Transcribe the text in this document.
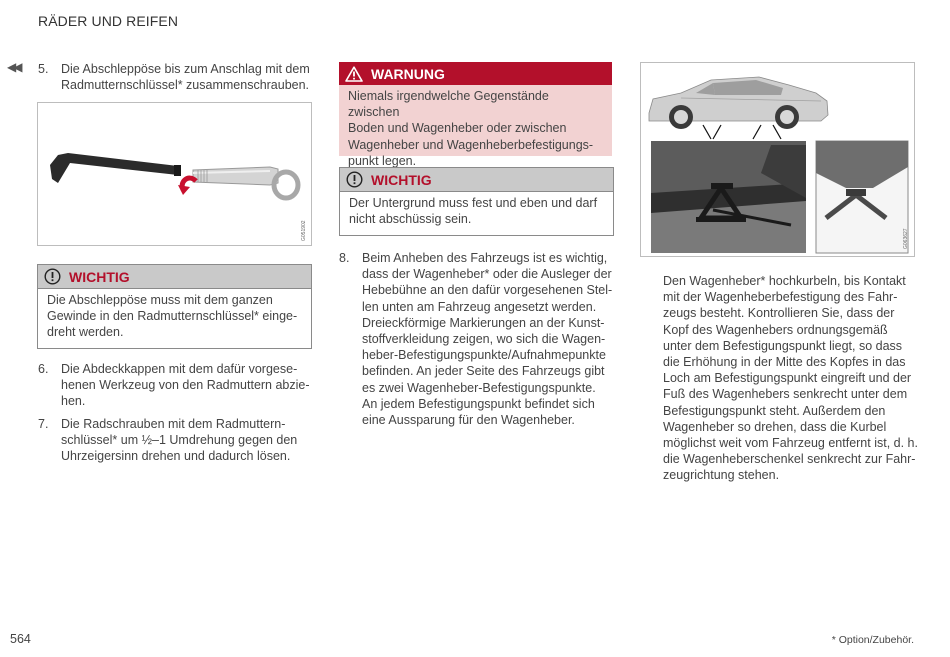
RÄDER UND REIFEN
◀◀ 5. Die Abschleppöse bis zum Anschlag mit dem
Radmutternschlüssel* zusammenschrauben.
G051902
WICHTIG
Die Abschleppöse muss mit dem ganzen
Gewinde in den Radmutternschlüssel* einge-
dreht werden.
6. Die Abdeckkappen mit dem dafür vorgese-
henen Werkzeug von den Radmuttern abzie-
hen.
7. Die Radschrauben mit dem Radmuttern-
schlüssel* um ½–1 Umdrehung gegen den
Uhrzeigersinn drehen und dadurch lösen.
WARNUNG
Niemals irgendwelche Gegenstände zwischen
Boden und Wagenheber oder zwischen
Wagenheber und Wagenheberbefestigungs-
punkt legen.
WICHTIG
Der Untergrund muss fest und eben und darf
nicht abschüssig sein.
8. Beim Anheben des Fahrzeugs ist es wichtig,
dass der Wagenheber* oder die Ausleger der
Hebebühne an den dafür vorgesehenen Stel-
len unten am Fahrzeug angesetzt werden.
Dreieckförmige Markierungen an der Kunst-
stoffverkleidung zeigen, wo sich die Wagen-
heber-Befestigungspunkte/Aufnahmepunkte
befinden. An jeder Seite des Fahrzeugs gibt
es zwei Wagenheber-Befestigungspunkte.
An jedem Befestigungspunkt befindet sich
eine Aussparung für den Wagenheber.
G063627
Den Wagenheber* hochkurbeln, bis Kontakt
mit der Wagenheberbefestigung des Fahr-
zeugs besteht. Kontrollieren Sie, dass der
Kopf des Wagenhebers ordnungsgemäß
unter dem Befestigungspunkt liegt, so dass
die Erhöhung in der Mitte des Kopfes in das
Loch am Befestigungspunkt eingreift und der
Fuß des Wagenhebers senkrecht unter dem
Befestigungspunkt steht. Außerdem den
Wagenheber so drehen, dass die Kurbel
möglichst weit vom Fahrzeug entfernt ist, d. h.
die Wagenheberschenkel senkrecht zur Fahr-
zeugrichtung stehen.
564	* Option/Zubehör.
